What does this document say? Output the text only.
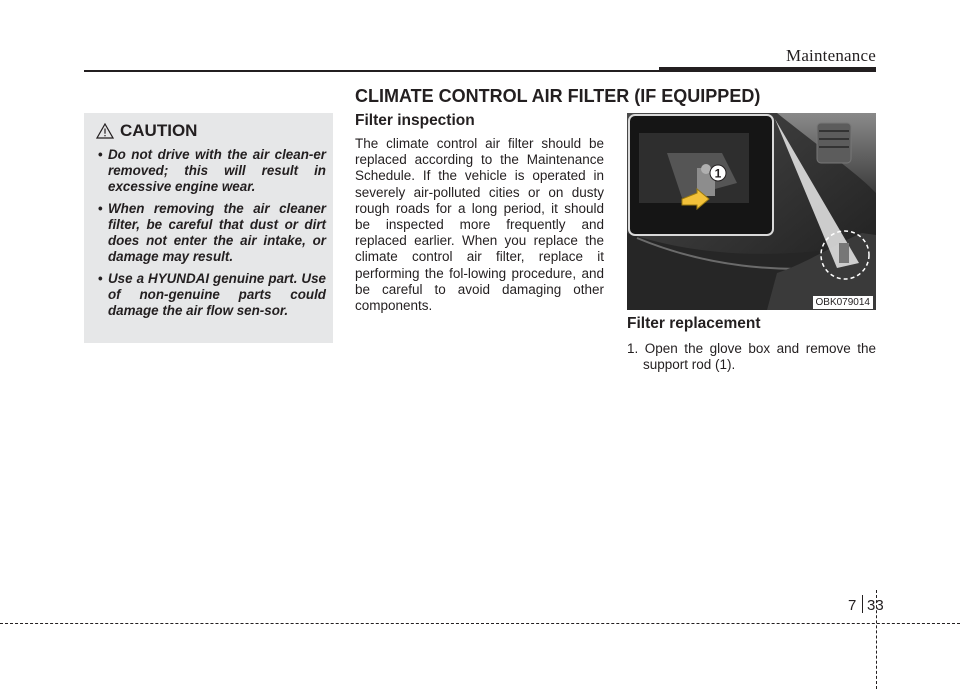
Maintenance
CLIMATE CONTROL AIR FILTER (IF EQUIPPED)
CAUTION
• Do not drive with the air clean-er removed; this will result in excessive engine wear.
• When removing the air cleaner filter, be careful that dust or dirt does not enter the air intake, or damage may result.
• Use a HYUNDAI genuine part. Use of non-genuine parts could damage the air flow sen-sor.
Filter inspection

The climate control air filter should be replaced according to the Maintenance Schedule. If the vehicle is operated in severely air-polluted cities or on dusty rough roads for a long period, it should be inspected more frequently and replaced earlier. When you replace the climate control air filter, replace it performing the fol-lowing procedure, and be careful to avoid damaging other components.

1
OBK079014
Filter replacement

1. Open the glove box and remove the support rod (1).

7 33
